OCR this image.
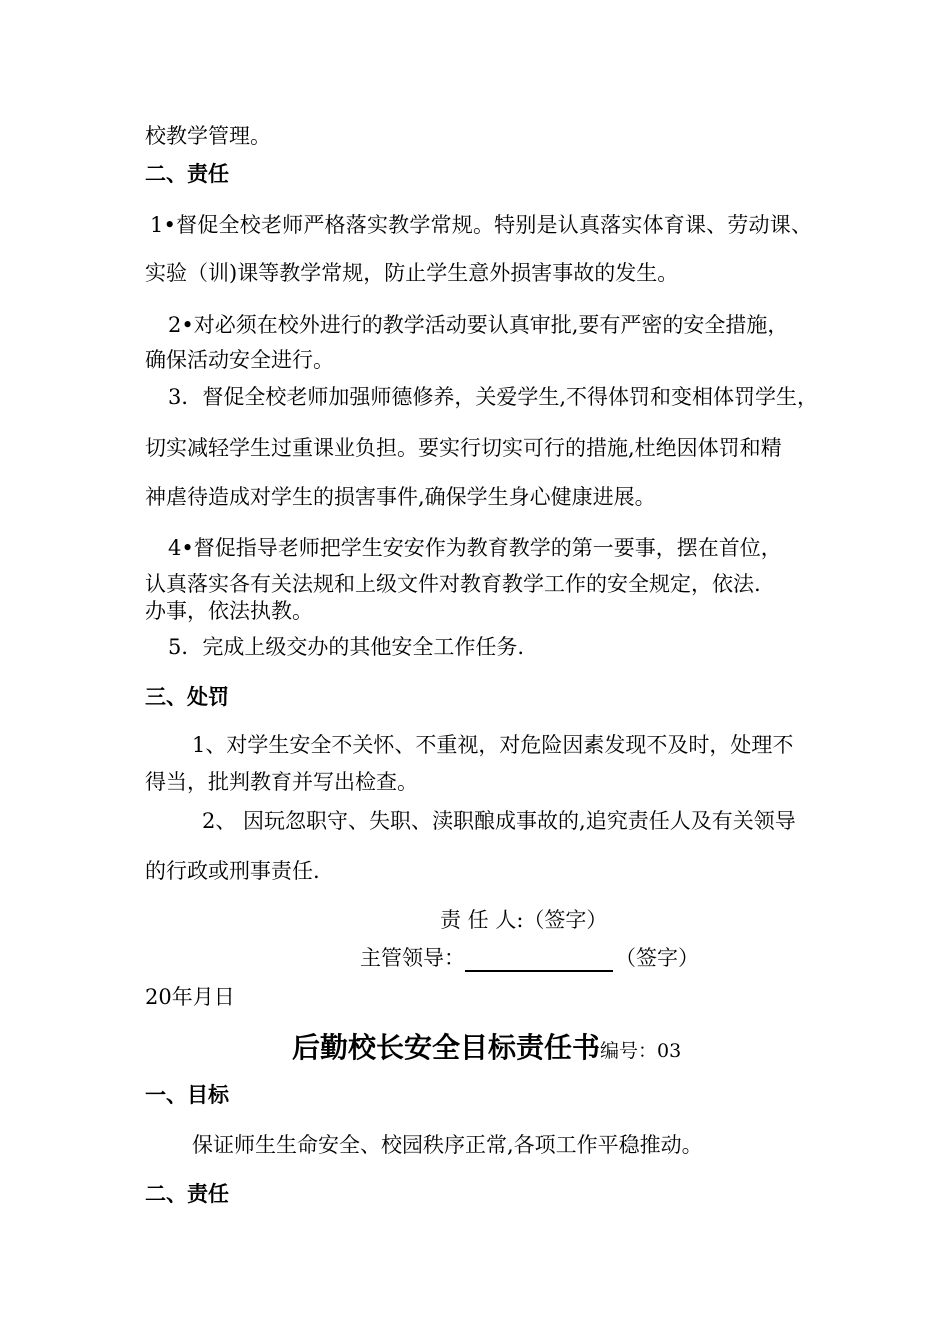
校教学管理。
二、责任
1•督促全校老师严格落实教学常规。特别是认真落实体育课、劳动课、
实验（训)课等教学常规，防止学生意外损害事故的发生。
2•对必须在校外进行的教学活动要认真审批,要有严密的安全措施，
确保活动安全进行。
3．督促全校老师加强师德修养，关爱学生,不得体罚和变相体罚学生，
切实减轻学生过重课业负担。要实行切实可行的措施,杜绝因体罚和精
神虐待造成对学生的损害事件,确保学生身心健康进展。
4•督促指导老师把学生安安作为教育教学的第一要事，摆在首位，
认真落实各有关法规和上级文件对教育教学工作的安全规定，依法.
办事，依法执教。
5．完成上级交办的其他安全工作任务.
三、处罚
1、对学生安全不关怀、不重视，对危险因素发现不及时，处理不
得当，批判教育并写出检查。
2、 因玩忽职守、失职、渎职酿成事故的,追究责任人及有关领导
的行政或刑事责任.
责 任 人:（签字）
主管领导：	（签字）
20年月日
后勤校长安全目标责任书编号：03
一、目标
保证师生生命安全、校园秩序正常,各项工作平稳推动。
二、责任
